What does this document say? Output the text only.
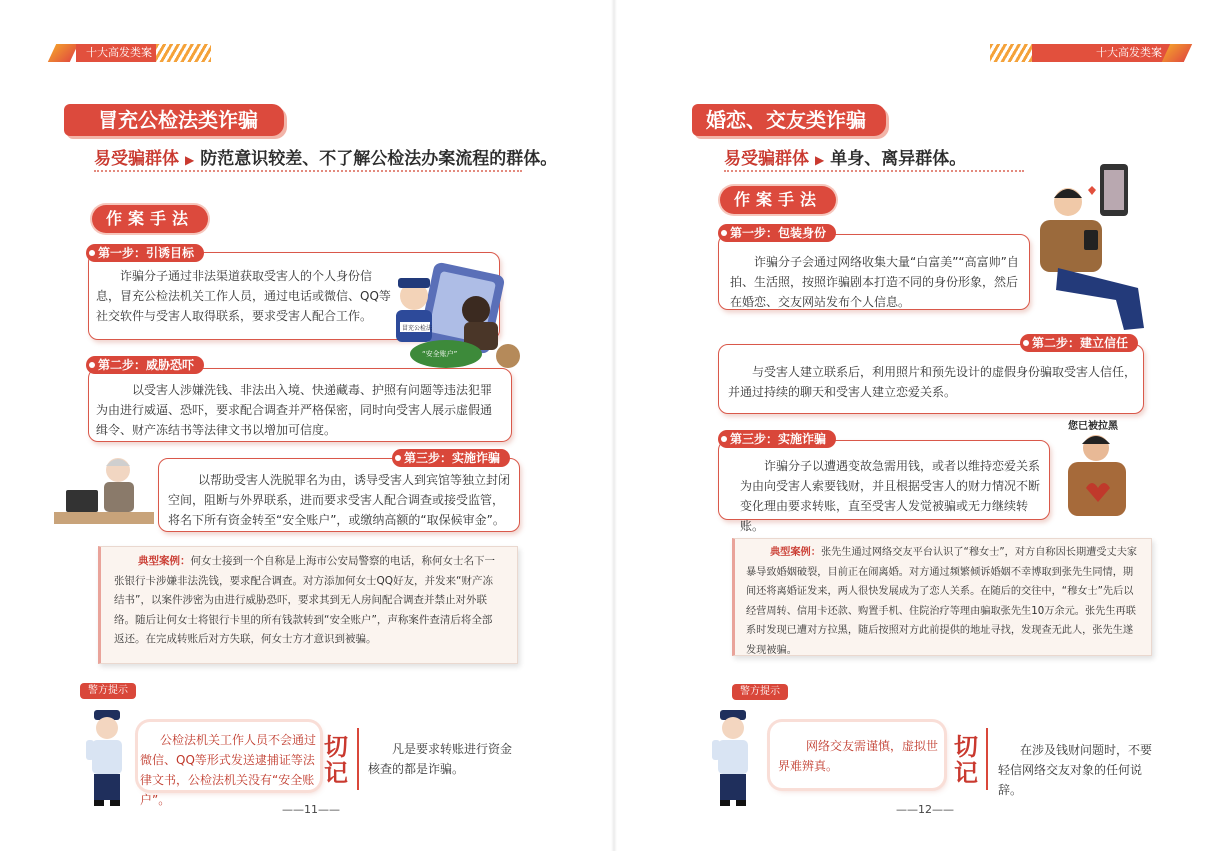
十大高发类案
冒充公检法类诈骗
易受骗群体 ▶ 防范意识较差、不了解公检法办案流程的群体。
作案手法
第一步：引诱目标
诈骗分子通过非法渠道获取受害人的个人身份信息，冒充公检法机关工作人员，通过电话或微信、QQ等社交软件与受害人取得联系，要求受害人配合工作。
冒充公检法
“安全账户”
第二步：威胁恐吓
以受害人涉嫌洗钱、非法出入境、快递藏毒、护照有问题等违法犯罪为由进行威逼、恐吓，要求配合调查并严格保密，同时向受害人展示虚假通缉令、财产冻结书等法律文书以增加可信度。
第三步：实施诈骗
以帮助受害人洗脱罪名为由，诱导受害人到宾馆等独立封闭空间，阻断与外界联系，进而要求受害人配合调查或接受监管，将名下所有资金转至“安全账户”，或缴纳高额的“取保候审金”。
典型案例：何女士接到一个自称是上海市公安局警察的电话，称何女士名下一张银行卡涉嫌非法洗钱，要求配合调查。对方添加何女士QQ好友，并发来“财产冻结书”，以案件涉密为由进行威胁恐吓，要求其到无人房间配合调查并禁止对外联络。随后让何女士将银行卡里的所有钱款转到“安全账户”，声称案件查清后将全部返还。在完成转账后对方失联，何女士方才意识到被骗。
警方提示
公检法机关工作人员不会通过微信、QQ等形式发送逮捕证等法律文书，公检法机关没有“安全账户”。
切
记
凡是要求转账进行资金核查的都是诈骗。
——11——
十大高发类案
婚恋、交友类诈骗
易受骗群体 ▶ 单身、离异群体。
作案手法
第一步：包装身份
诈骗分子会通过网络收集大量“白富美”“高富帅”自拍、生活照，按照诈骗剧本打造不同的身份形象，然后在婚恋、交友网站发布个人信息。
第二步：建立信任
与受害人建立联系后，利用照片和预先设计的虚假身份骗取受害人信任，并通过持续的聊天和受害人建立恋爱关系。
第三步：实施诈骗
诈骗分子以遭遇变故急需用钱，或者以维持恋爱关系为由向受害人索要钱财，并且根据受害人的财力情况不断变化理由要求转账，直至受害人发觉被骗或无力继续转账。
您已被拉黑
典型案例：张先生通过网络交友平台认识了“穆女士”，对方自称因长期遭受丈夫家暴导致婚姻破裂，目前正在闹离婚。对方通过频繁倾诉婚姻不幸博取到张先生同情，期间还将离婚证发来，两人很快发展成为了恋人关系。在随后的交往中，“穆女士”先后以经营周转、信用卡还款、购置手机、住院治疗等理由骗取张先生10万余元。张先生再联系时发现已遭对方拉黑，随后按照对方此前提供的地址寻找，发现查无此人，张先生遂发现被骗。
警方提示
网络交友需谨慎，虚拟世界难辨真。
切
记
在涉及钱财问题时，不要轻信网络交友对象的任何说辞。
——12——
